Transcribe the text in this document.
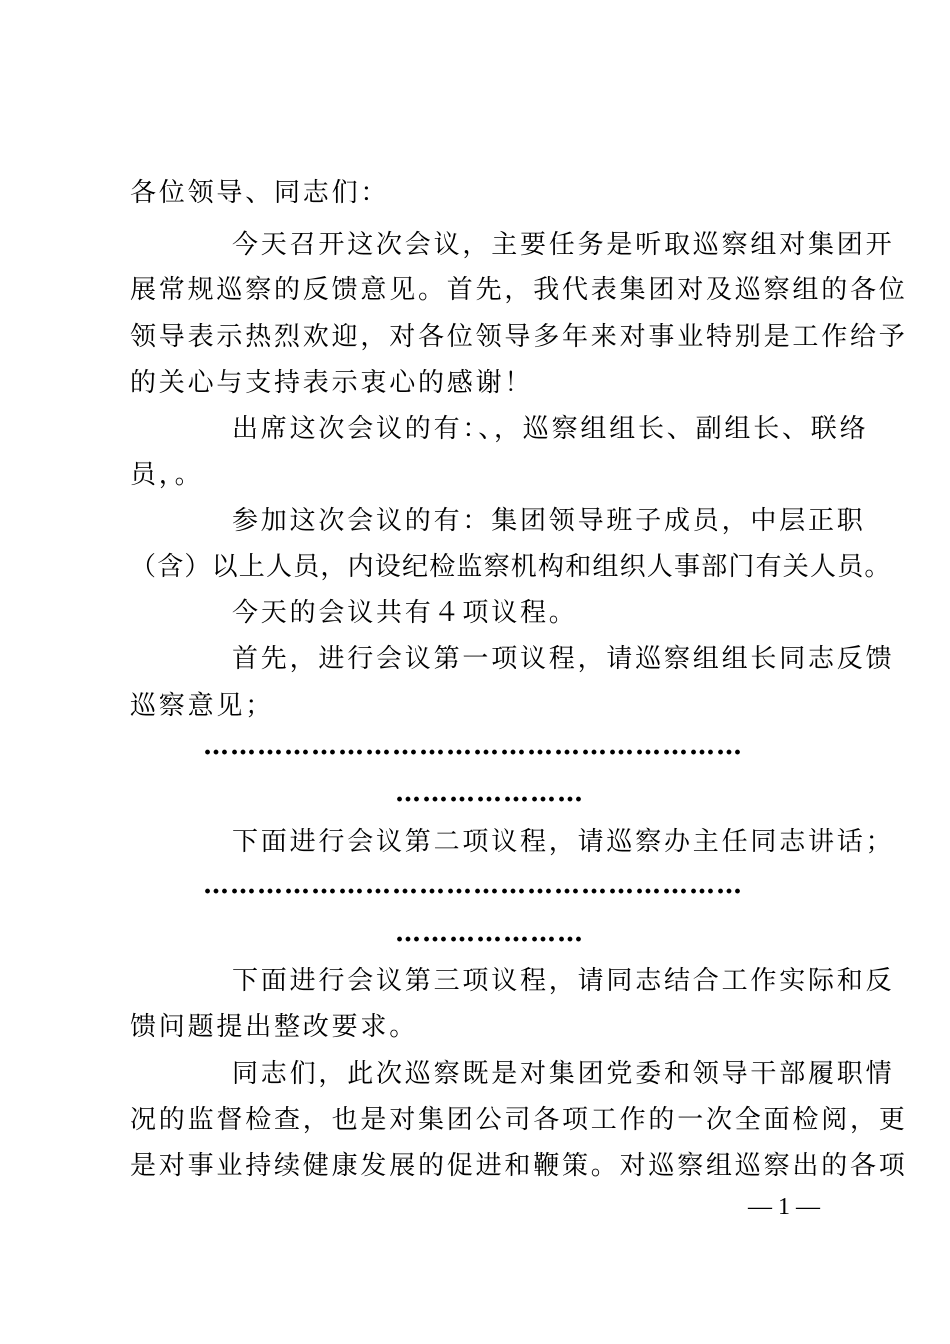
各位领导、同志们：
今天召开这次会议，主要任务是听取巡察组对集团开
展常规巡察的反馈意见。首先，我代表集团对及巡察组的各位
领导表示热烈欢迎，对各位领导多年来对事业特别是工作给予
的关心与支持表示衷心的感谢！
出席这次会议的有：、，巡察组组长、副组长、联络
员，。
参加这次会议的有：集团领导班子成员，中层正职
（含）以上人员，内设纪检监察机构和组织人事部门有关人员。
今天的会议共有４项议程。
首先，进行会议第一项议程，请巡察组组长同志反馈
巡察意见；
……………………………………………………
…………………
下面进行会议第二项议程，请巡察办主任同志讲话；
……………………………………………………
…………………
下面进行会议第三项议程，请同志结合工作实际和反
馈问题提出整改要求。
同志们，此次巡察既是对集团党委和领导干部履职情
况的监督检查，也是对集团公司各项工作的一次全面检阅，更
是对事业持续健康发展的促进和鞭策。对巡察组巡察出的各项
— 1 —
